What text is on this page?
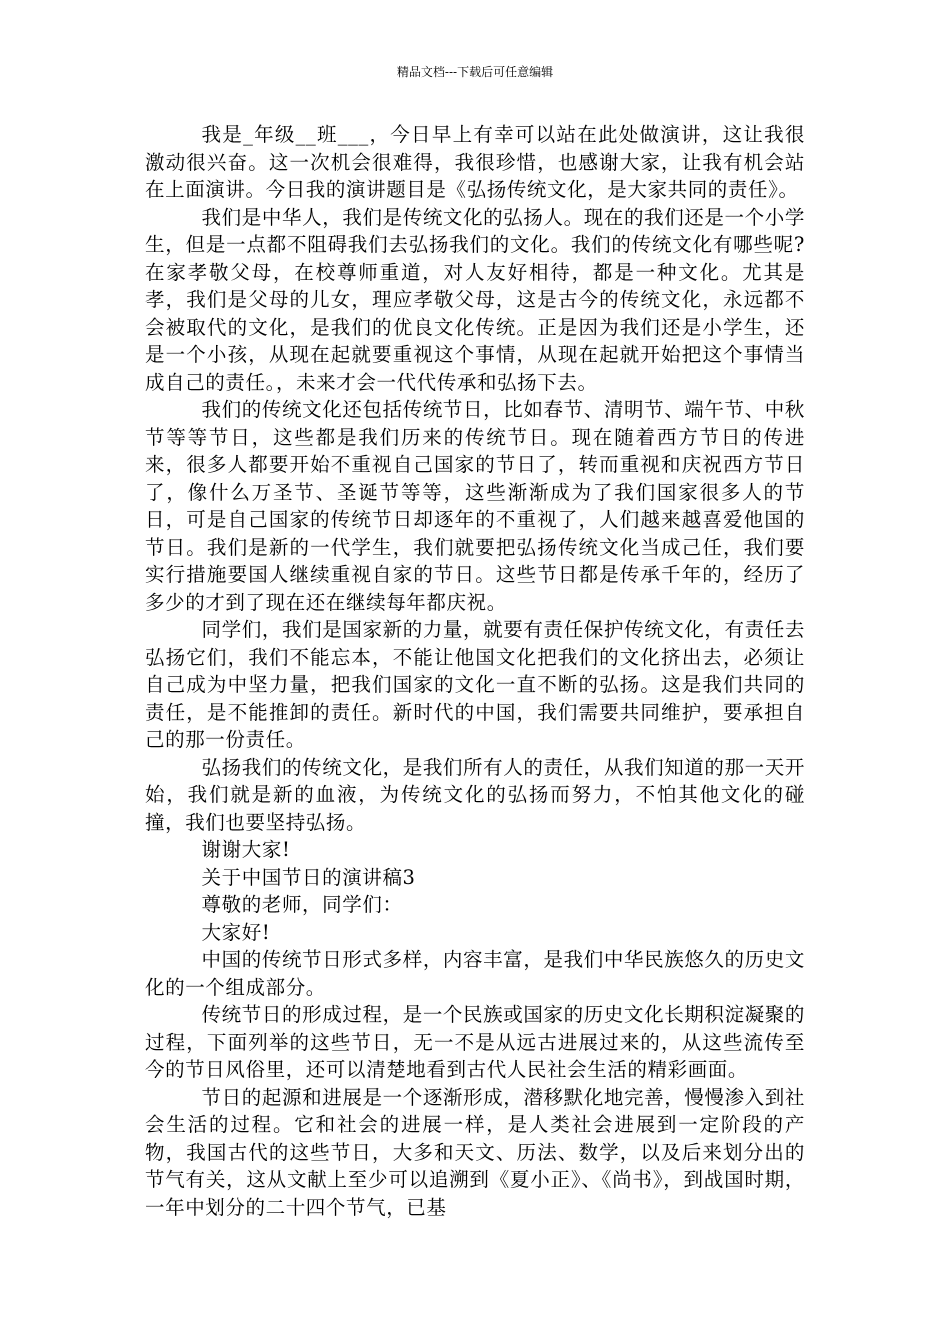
精品文档---下载后可任意编辑

我是_年级__班___，今日早上有幸可以站在此处做演讲，这让我很激动很兴奋。这一次机会很难得，我很珍惜，也感谢大家，让我有机会站在上面演讲。今日我的演讲题目是《弘扬传统文化，是大家共同的责任》。

我们是中华人，我们是传统文化的弘扬人。现在的我们还是一个小学生，但是一点都不阻碍我们去弘扬我们的文化。我们的传统文化有哪些呢?在家孝敬父母，在校尊师重道，对人友好相待，都是一种文化。尤其是孝，我们是父母的儿女，理应孝敬父母，这是古今的传统文化，永远都不会被取代的文化，是我们的优良文化传统。正是因为我们还是小学生，还是一个小孩，从现在起就要重视这个事情，从现在起就开始把这个事情当成自己的责任。，未来才会一代代传承和弘扬下去。

我们的传统文化还包括传统节日，比如春节、清明节、端午节、中秋节等等节日，这些都是我们历来的传统节日。现在随着西方节日的传进来，很多人都要开始不重视自己国家的节日了，转而重视和庆祝西方节日了，像什么万圣节、圣诞节等等，这些渐渐成为了我们国家很多人的节日，可是自己国家的传统节日却逐年的不重视了，人们越来越喜爱他国的节日。我们是新的一代学生，我们就要把弘扬传统文化当成己任，我们要实行措施要国人继续重视自家的节日。这些节日都是传承千年的，经历了多少的才到了现在还在继续每年都庆祝。

同学们，我们是国家新的力量，就要有责任保护传统文化，有责任去弘扬它们，我们不能忘本，不能让他国文化把我们的文化挤出去，必须让自己成为中坚力量，把我们国家的文化一直不断的弘扬。这是我们共同的责任，是不能推卸的责任。新时代的中国，我们需要共同维护，要承担自己的那一份责任。

弘扬我们的传统文化，是我们所有人的责任，从我们知道的那一天开始，我们就是新的血液，为传统文化的弘扬而努力，不怕其他文化的碰撞，我们也要坚持弘扬。

谢谢大家!

关于中国节日的演讲稿3

尊敬的老师，同学们：

大家好!

中国的传统节日形式多样，内容丰富，是我们中华民族悠久的历史文化的一个组成部分。

传统节日的形成过程，是一个民族或国家的历史文化长期积淀凝聚的过程，下面列举的这些节日，无一不是从远古进展过来的，从这些流传至今的节日风俗里，还可以清楚地看到古代人民社会生活的精彩画面。

节日的起源和进展是一个逐渐形成，潜移默化地完善，慢慢渗入到社会生活的过程。它和社会的进展一样，是人类社会进展到一定阶段的产物，我国古代的这些节日，大多和天文、历法、数学，以及后来划分出的节气有关，这从文献上至少可以追溯到《夏小正》、《尚书》，到战国时期，一年中划分的二十四个节气，已基
